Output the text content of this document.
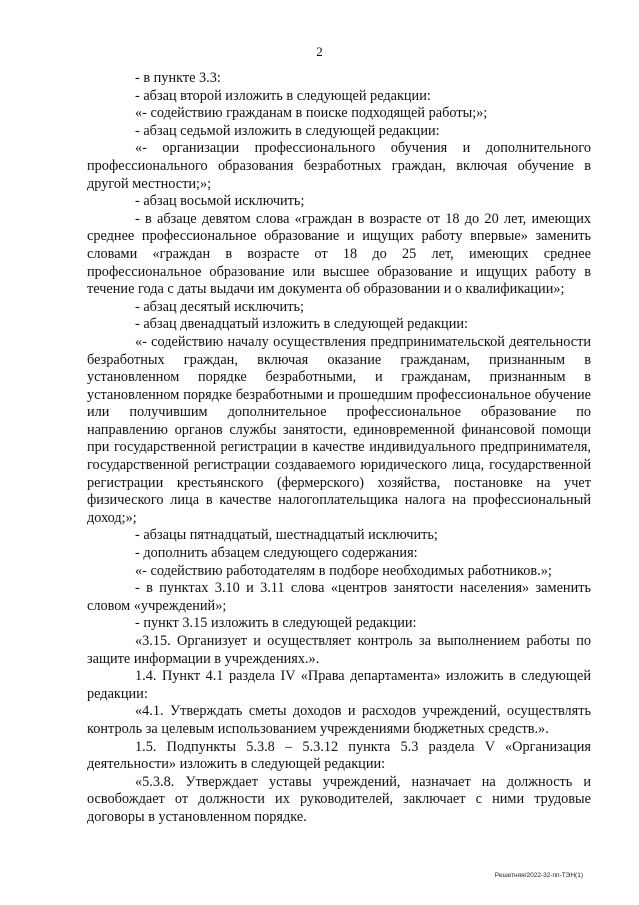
2

- в пункте 3.3:

- абзац второй изложить в следующей редакции:

«- содействию гражданам в поиске подходящей работы;»;

- абзац седьмой изложить в следующей редакции:

«- организации профессионального обучения и дополнительного профессионального образования безработных граждан, включая обучение в другой местности;»;

- абзац восьмой исключить;

- в абзаце девятом слова «граждан в возрасте от 18 до 20 лет, имеющих среднее профессиональное образование и ищущих работу впервые» заменить словами «граждан в возрасте от 18 до 25 лет, имеющих среднее профессиональное образование или высшее образование и ищущих работу в течение года с даты выдачи им документа об образовании и о квалификации»;

- абзац десятый исключить;

- абзац двенадцатый изложить в следующей редакции:

«- содействию началу осуществления предпринимательской деятельности безработных граждан, включая оказание гражданам, признанным в установленном порядке безработными, и гражданам, признанным в установленном порядке безработными и прошедшим профессиональное обучение или получившим дополнительное профессиональное образование по направлению органов службы занятости, единовременной финансовой помощи при государственной регистрации в качестве индивидуального предпринимателя, государственной регистрации создаваемого юридического лица, государственной регистрации крестьянского (фермерского) хозяйства, постановке на учет физического лица в качестве налогоплательщика налога на профессиональный доход;»;

- абзацы пятнадцатый, шестнадцатый исключить;

- дополнить абзацем следующего содержания:

«- содействию работодателям в подборе необходимых работников.»;

- в пунктах 3.10 и 3.11 слова «центров занятости населения» заменить словом «учреждений»;

- пункт 3.15 изложить в следующей редакции:

«3.15. Организует и осуществляет контроль за выполнением работы по защите информации в учреждениях.».

1.4. Пункт 4.1 раздела IV «Права департамента» изложить в следующей редакции:

«4.1. Утверждать сметы доходов и расходов учреждений, осуществлять контроль за целевым использованием учреждениями бюджетных средств.».

1.5. Подпункты 5.3.8 – 5.3.12 пункта 5.3 раздела V «Организация деятельности» изложить в следующей редакции:

«5.3.8. Утверждает уставы учреждений, назначает на должность и освобождает от должности их руководителей, заключает с ними трудовые договоры в установленном порядке.

Решетняя/2022-32-пп-ТЭН(1)
